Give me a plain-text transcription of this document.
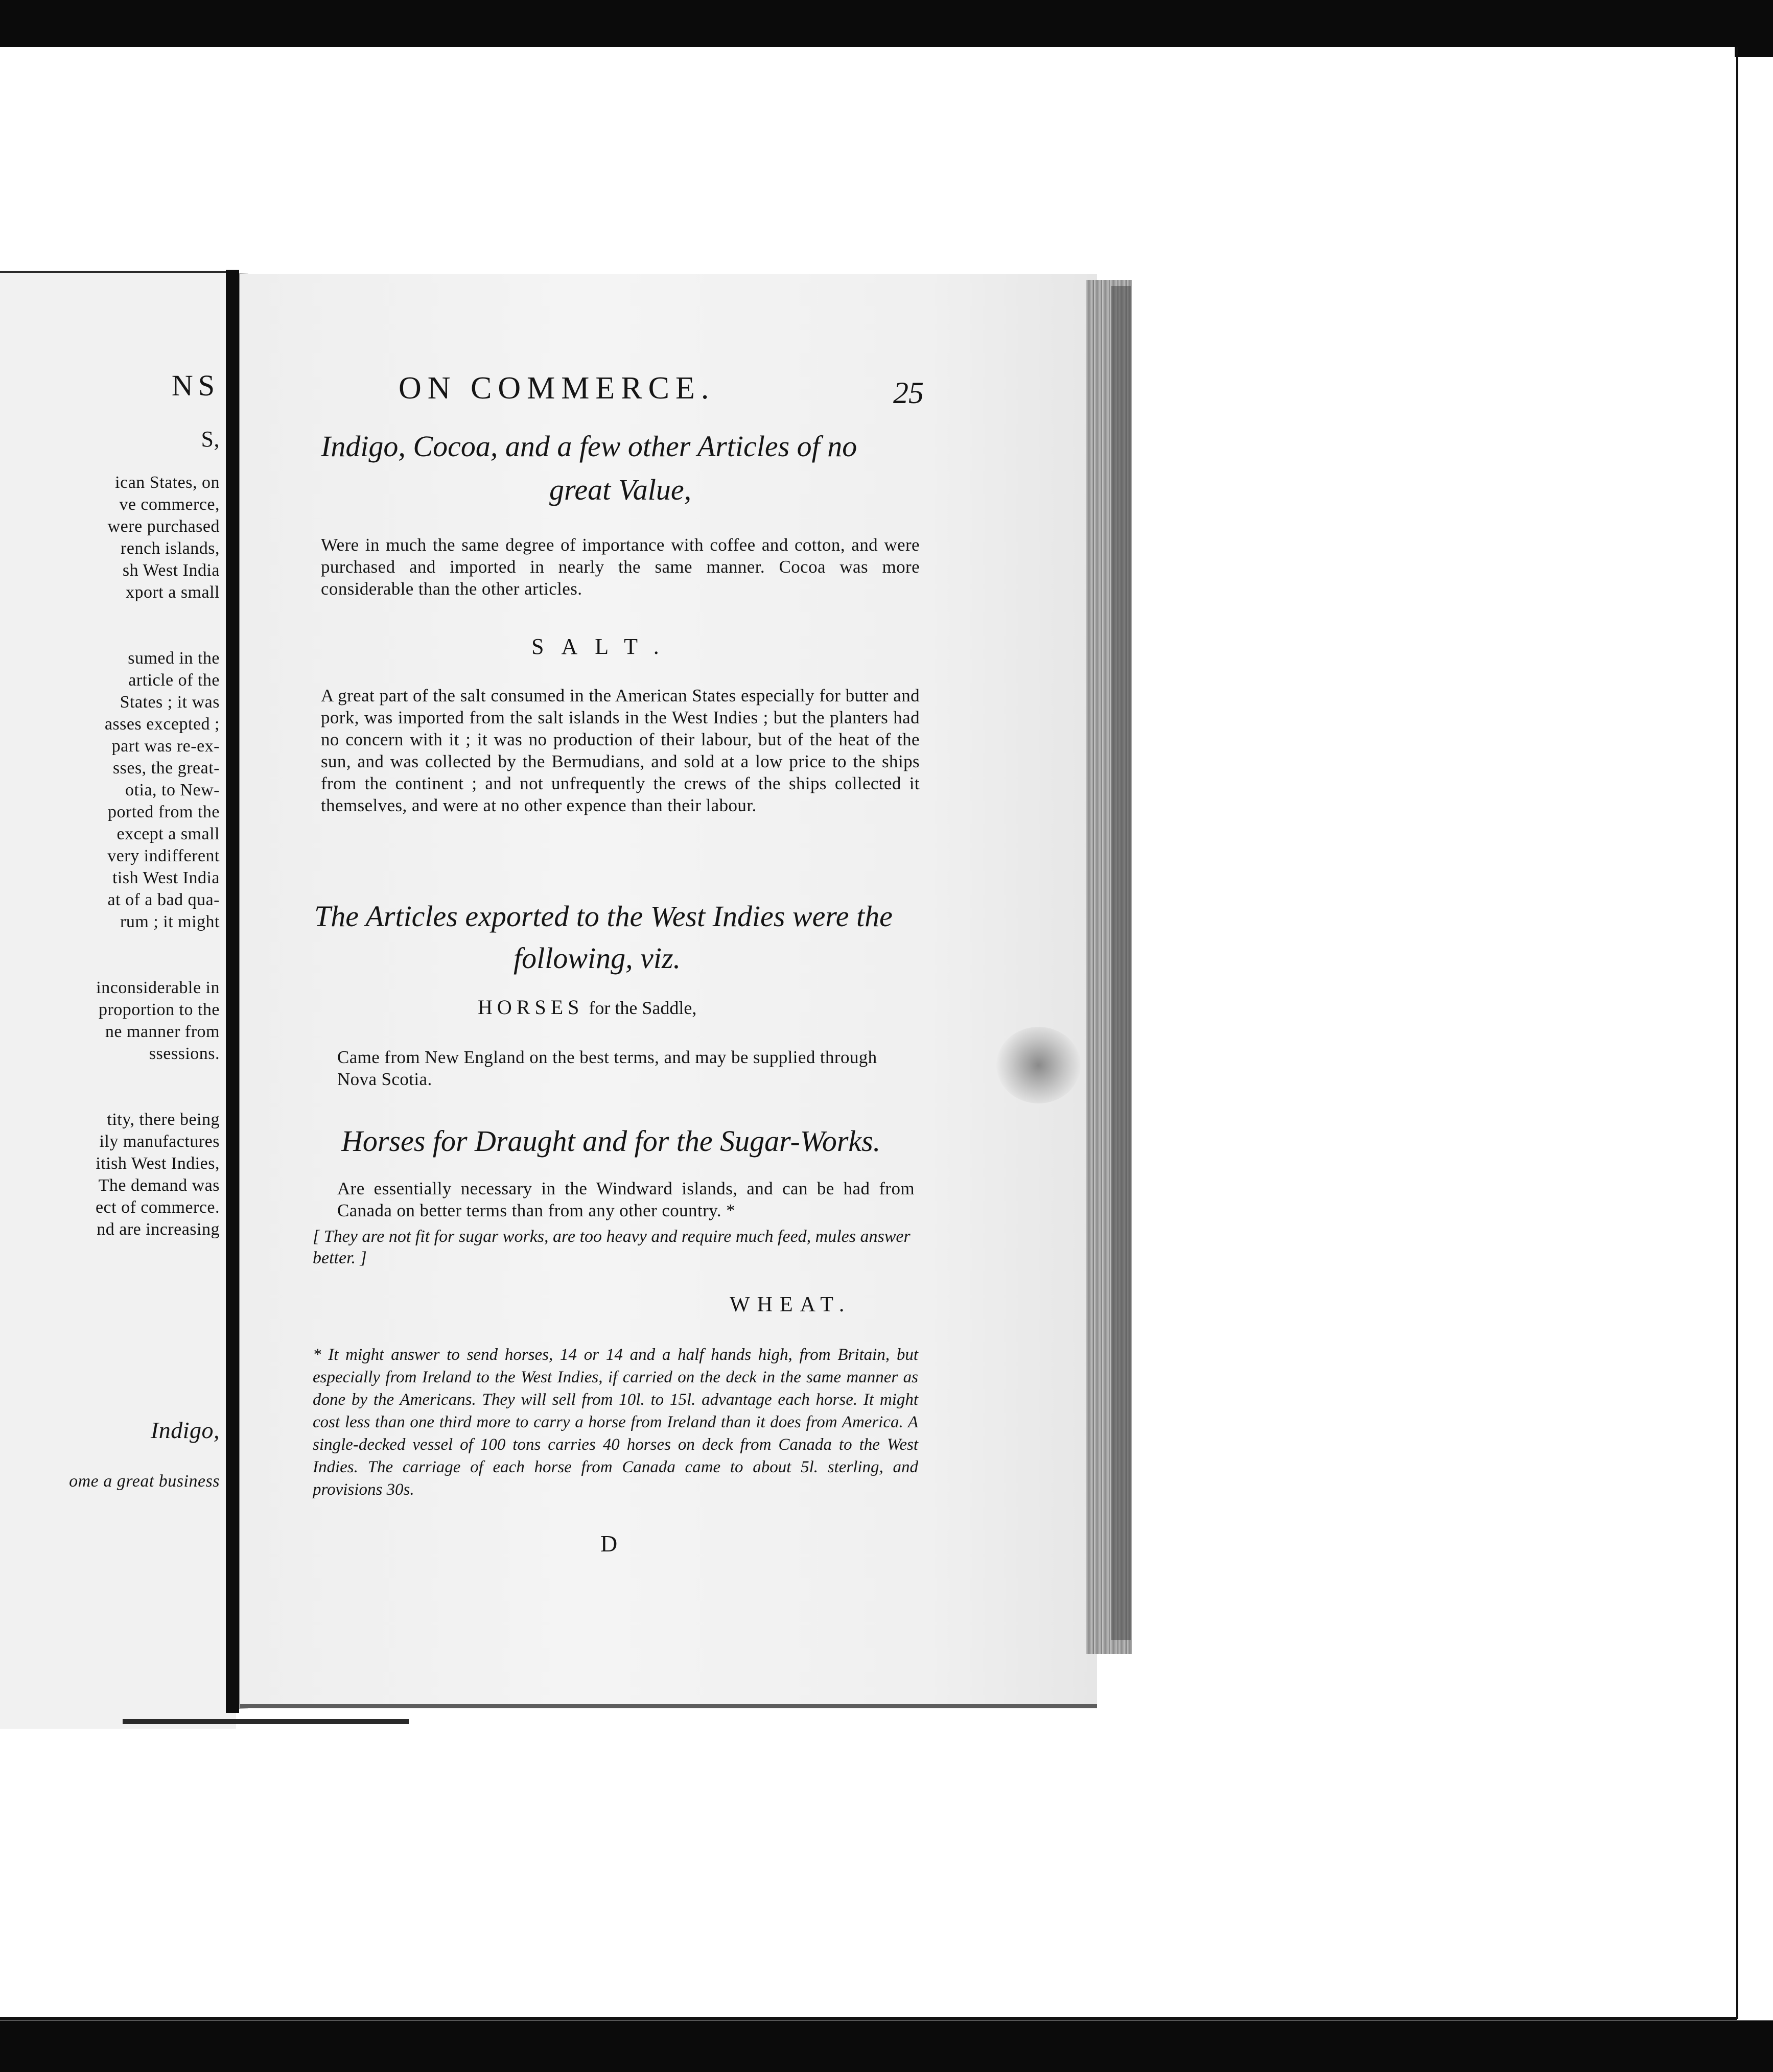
NS
S,
ican States, on
ve commerce,
were purchased
rench islands,
sh West India
xport a small
sumed in the
article of the
States ; it was
asses excepted ;
part was re-ex-
sses, the great-
otia, to New-
ported from the
except a small
very indifferent
tish West India
at of a bad qua-
rum ; it might
inconsiderable in
proportion to the
ne manner from
ssessions.
tity, there being
ily manufactures
itish West Indies,
The demand was
ect of commerce.
nd are increasing
Indigo,
ome a great business
ON COMMERCE.	25
Indigo, Cocoa, and a few other Articles of no
great Value,
Were in much the same degree of importance with coffee and cotton, and were purchased and imported in nearly the same manner. Cocoa was more considerable than the other articles.
SALT.
A great part of the salt consumed in the American States especially for butter and pork, was imported from the salt islands in the West Indies ; but the planters had no concern with it ; it was no production of their labour, but of the heat of the sun, and was collected by the Bermudians, and sold at a low price to the ships from the continent ; and not unfrequently the crews of the ships collected it themselves, and were at no other expence than their labour.
The Articles exported to the West Indies were the
following, viz.
HORSES for the Saddle,
Came from New England on the best terms, and may be supplied through Nova Scotia.
Horses for Draught and for the Sugar-Works.
Are essentially necessary in the Windward islands, and can be had from Canada on better terms than from any other country. *
[ They are not fit for sugar works, are too heavy and require much feed, mules answer better. ]
WHEAT.
* It might answer to send horses, 14 or 14 and a half hands high, from Britain, but especially from Ireland to the West Indies, if carried on the deck in the same manner as done by the Americans. They will sell from 10l. to 15l. advantage each horse. It might cost less than one third more to carry a horse from Ireland than it does from America. A single-decked vessel of 100 tons carries 40 horses on deck from Canada to the West Indies. The carriage of each horse from Canada came to about 5l. sterling, and provisions 30s.
D
